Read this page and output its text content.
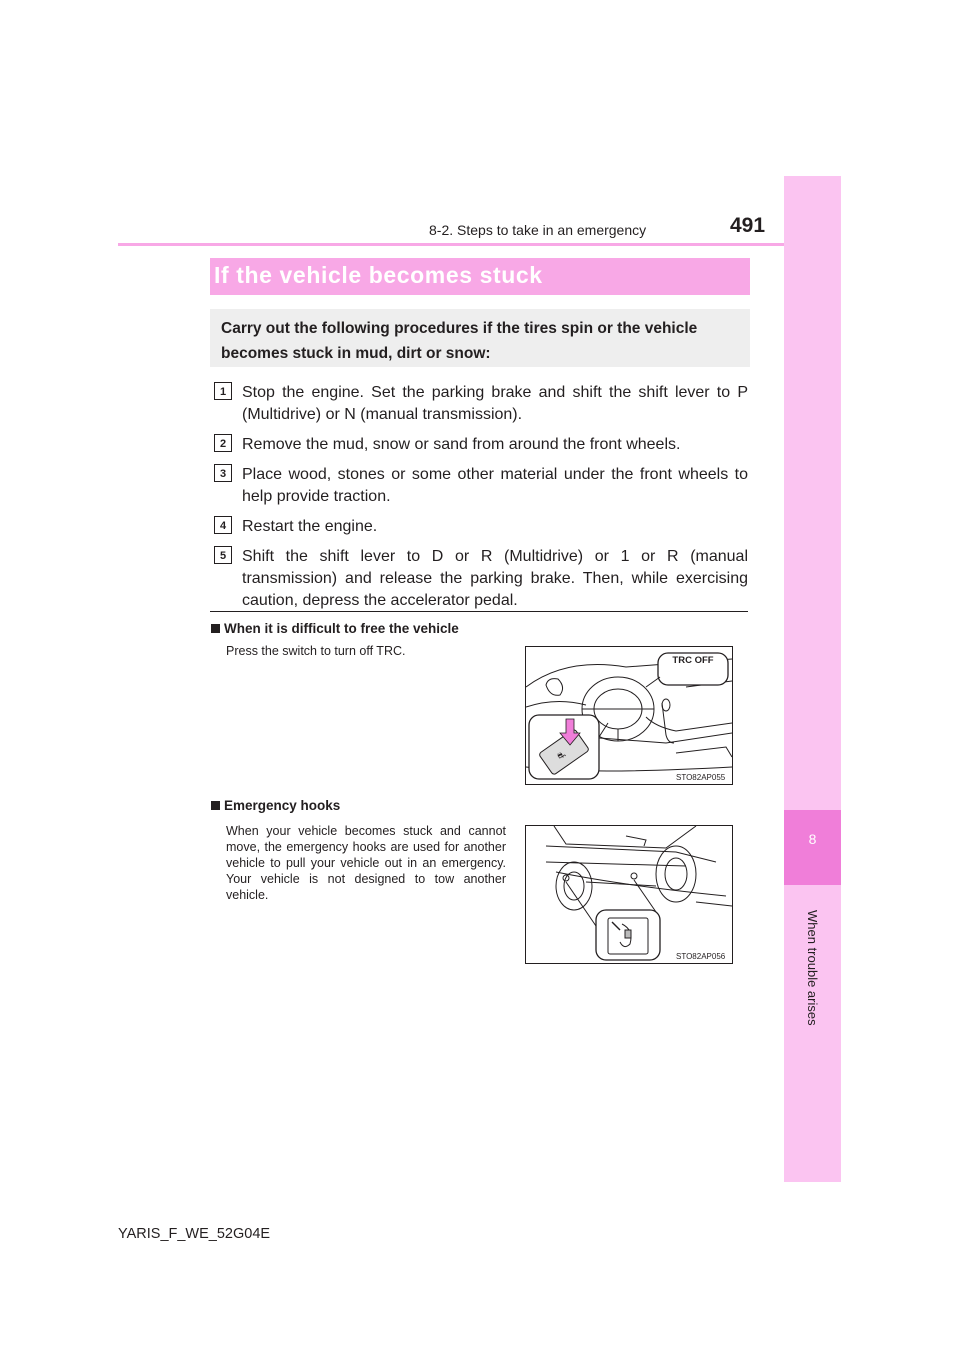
8
When trouble arises
8-2. Steps to take in an emergency	491
If the vehicle becomes stuck
Carry out the following procedures if the tires spin or the vehicle becomes stuck in mud, dirt or snow:
1 Stop the engine. Set the parking brake and shift the shift lever to P (Multidrive) or N (manual transmission).
2 Remove the mud, snow or sand from around the front wheels.
3 Place wood, stones or some other material under the front wheels to help provide traction.
4 Restart the engine.
5 Shift the shift lever to D or R (Multidrive) or 1 or R (manual transmission) and release the parking brake. Then, while exercising caution, depress the accelerator pedal.
When it is difficult to free the vehicle
Press the switch to turn off TRC.
⛐
TRC OFF
STO82AP055
Emergency hooks
When your vehicle becomes stuck and cannot move, the emergency hooks are used for another vehicle to pull your vehicle out in an emergency. Your vehicle is not designed to tow another vehicle.
STO82AP056
YARIS_F_WE_52G04E
